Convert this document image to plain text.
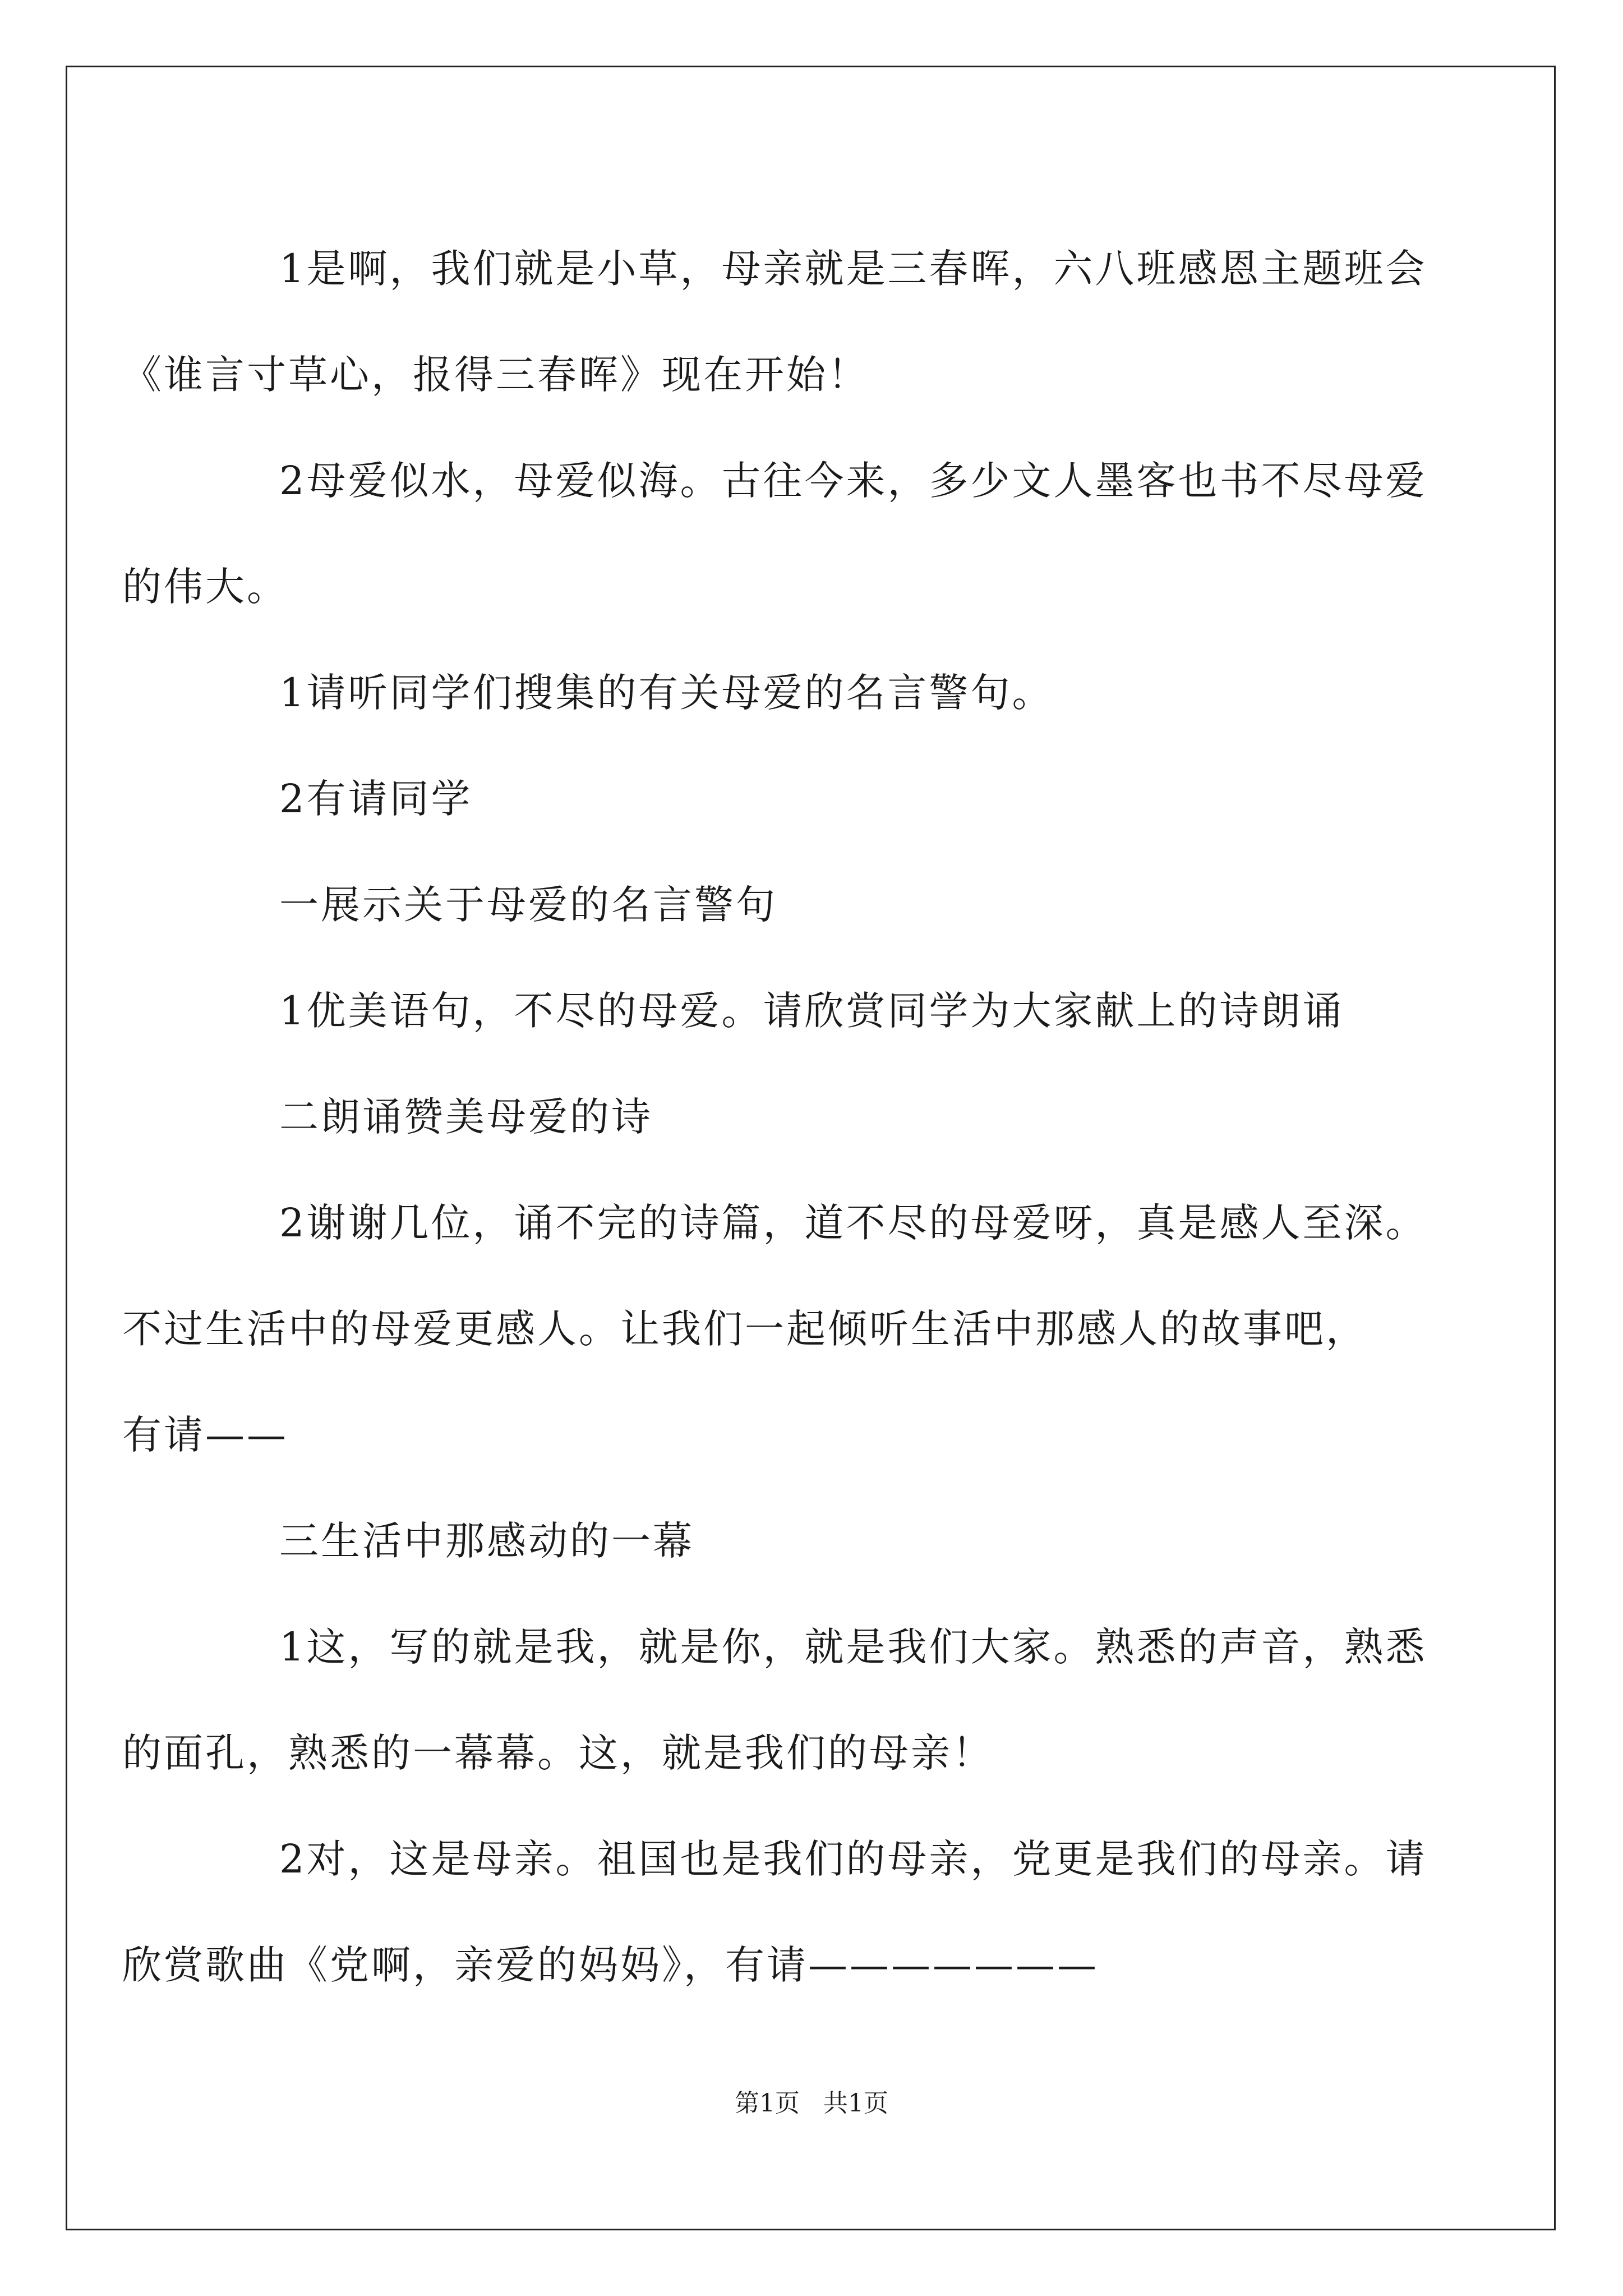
1是啊，我们就是小草，母亲就是三春晖，六八班感恩主题班会
《谁言寸草心，报得三春晖》现在开始！

2母爱似水，母爱似海。古往今来，多少文人墨客也书不尽母爱
的伟大。

1请听同学们搜集的有关母爱的名言警句。

2有请同学

一展示关于母爱的名言警句

1优美语句，不尽的母爱。请欣赏同学为大家献上的诗朗诵

二朗诵赞美母爱的诗

2谢谢几位，诵不完的诗篇，道不尽的母爱呀，真是感人至深。
不过生活中的母爱更感人。让我们一起倾听生活中那感人的故事吧，
有请——

三生活中那感动的一幕

1这，写的就是我，就是你，就是我们大家。熟悉的声音，熟悉
的面孔，熟悉的一幕幕。这，就是我们的母亲！

2对，这是母亲。祖国也是我们的母亲，党更是我们的母亲。请
欣赏歌曲《党啊，亲爱的妈妈》，有请———————

第1页   共1页
